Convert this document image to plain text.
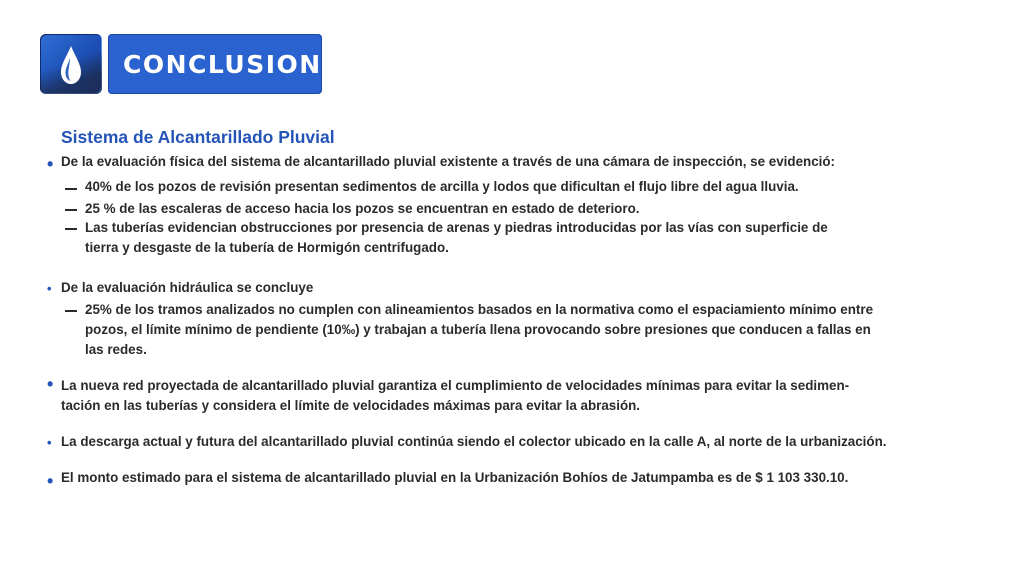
CONCLUSIONES
Sistema de Alcantarillado Pluvial
• De la evaluación física del sistema de alcantarillado pluvial existente a través de una cámara de inspección, se evidenció:
40% de los pozos de revisión presentan sedimentos de arcilla y lodos que dificultan el flujo libre del agua lluvia.
25 % de las escaleras de acceso hacia los pozos se encuentran en estado de deterioro.
Las tuberías evidencian obstrucciones por presencia de arenas y piedras introducidas por las vías con superficie de
tierra y desgaste de la tubería de Hormigón centrifugado.
• De la evaluación hidráulica se concluye
25% de los tramos analizados no cumplen con alineamientos basados en la normativa como el espaciamiento mínimo entre
pozos, el límite mínimo de pendiente (10‰) y trabajan a tubería llena provocando sobre presiones que conducen a fallas en
las redes.
• La nueva red proyectada de alcantarillado pluvial garantiza el cumplimiento de velocidades mínimas para evitar la sedimen-
tación en las tuberías y considera el límite de velocidades máximas para evitar la abrasión.
• La descarga actual y futura del alcantarillado pluvial continúa siendo el colector ubicado en la calle A, al norte de la urbanización.
• El monto estimado para el sistema de alcantarillado pluvial en la Urbanización Bohíos de Jatumpamba es de $ 1 103 330.10.
